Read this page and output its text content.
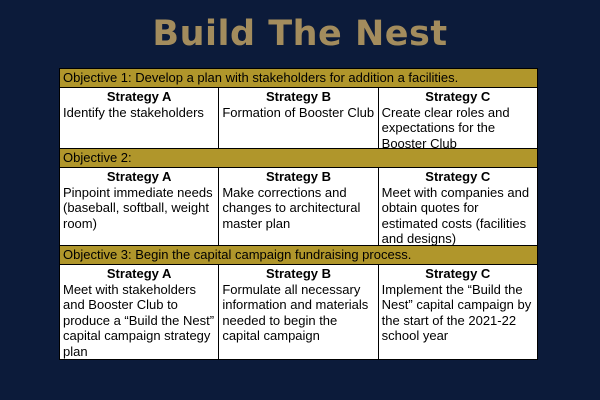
Build The Nest
Objective 1: Develop a plan with stakeholders for addition a facilities.
Strategy A
Identify the stakeholders
Strategy B
Formation of Booster Club
Strategy C
Create clear roles and expectations for the Booster Club
Objective 2:
Strategy A
Pinpoint immediate needs (baseball, softball, weight room)
Strategy B
Make corrections and changes to architectural master plan
Strategy C
Meet with companies and obtain quotes for estimated costs (facilities and designs)
Objective 3: Begin the capital campaign fundraising process.
Strategy A
Meet with stakeholders and Booster Club to produce a “Build the Nest” capital campaign strategy plan
Strategy B
Formulate all necessary information and materials needed to begin the capital campaign
Strategy C
Implement the “Build the Nest” capital campaign by the start of the 2021-22 school year
